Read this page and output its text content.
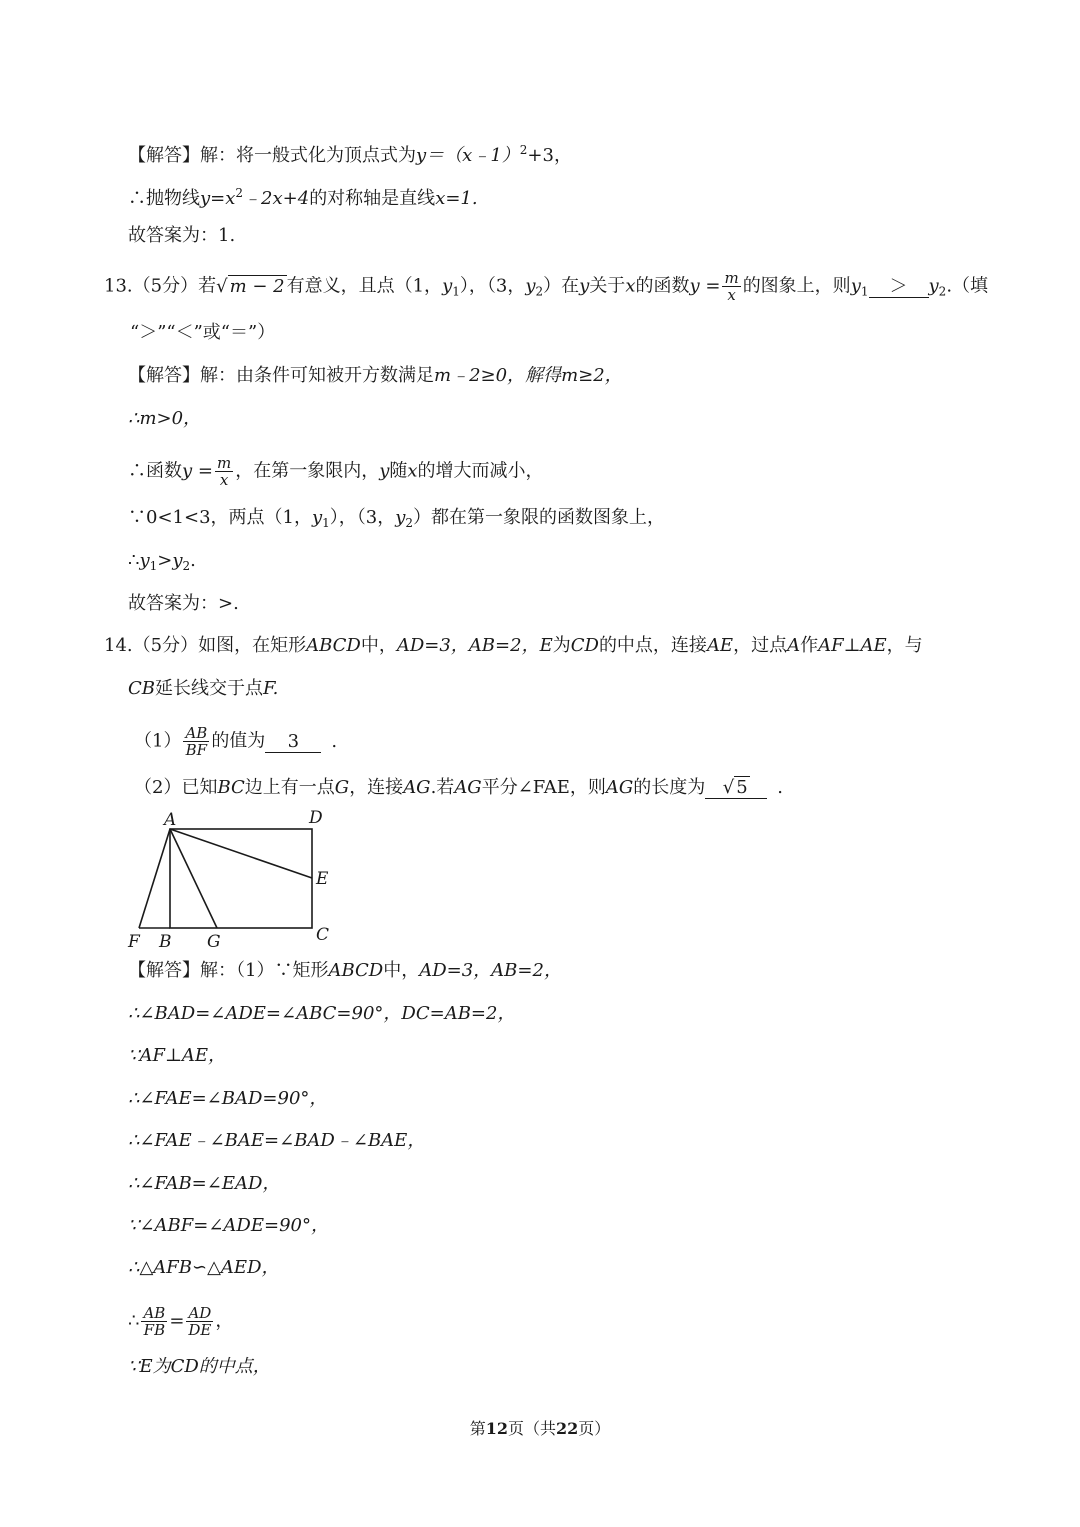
【解答】解：将一般式化为顶点式为y＝（x﹣1）$^2$+3，
∴抛物线$y=x^2﹣2x+4$的对称轴是直线x=1.
故答案为：1.
13.（5分）若√ m − 2 有意义，且点（1，$y_1$），（3，$y_2$）在y关于x的函数$y = \frac{m}{x}$ 的图象上，则$y_1 > y_2$.（填
“＞”“＜”或“＝”）
【解答】解：由条件可知被开方数满足m﹣2≥0，解得m≥2，
∴m>0，
∴函数$y = \frac{m}{x}$ ，在第一象限内，y随x的增大而减小，
∵0<1<3，两点（1，$y_1$），（3，$y_2$）都在第一象限的函数图象上，
$\therefore y_1>y_2$.
故答案为：>.
14.（5分）如图，在矩形ABCD中，AD=3，AB=2，E为CD的中点，连接AE，过点A作AF⊥AE，与
CB延长线交于点F.
$(1) \frac{AB}{BF}$ 的值为 3 .
（2）已知BC边上有一点G，连接AG.若AG平分∠FAE，则AG的长度为 √ 5 .
A	D
E
F B G	C
【解答】解：（1）∵矩形ABCD中，AD=3，AB=2，
∴∠BAD=∠ADE=∠ABC=90°，DC=AB=2，
∵AF⊥AE，
∴∠FAE=∠BAD=90°，
∴∠FAE﹣∠BAE=∠BAD﹣∠BAE，
∴∠FAB=∠EAD，
∵∠ABF=∠ADE=90°，
∴△AFB∽△AED，
∴ $\frac{AB}{FB} = \frac{AD}{DE}$ ，
∵E为CD的中点，
第12页（共22页）
